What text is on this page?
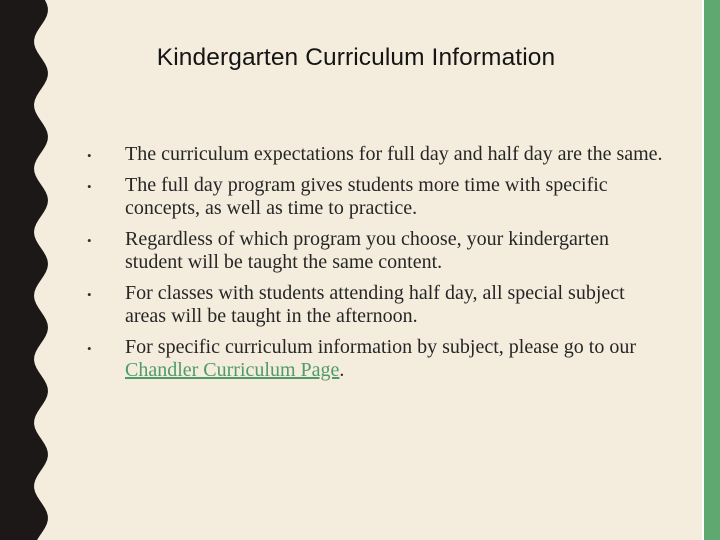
Kindergarten Curriculum Information
• The curriculum expectations for full day and half day are the same.
• The full day program gives students more time with specific concepts, as well as time to practice.
• Regardless of which program you choose, your kindergarten student will be taught the same content.
• For classes with students attending half day, all special subject areas will be taught in the afternoon.
• For specific curriculum information by subject, please go to our Chandler Curriculum Page.
